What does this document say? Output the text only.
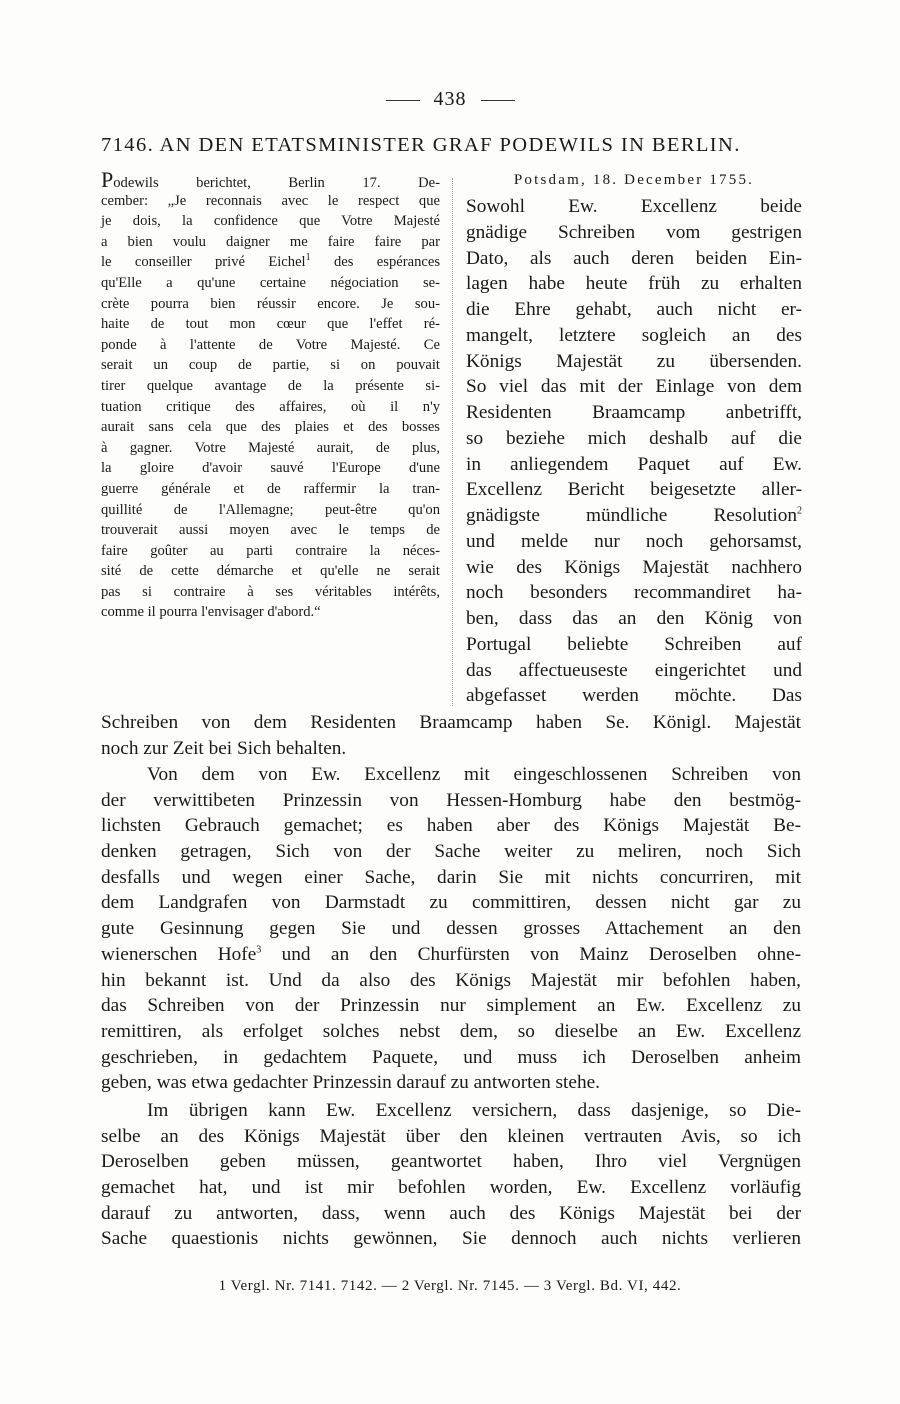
438
7146. AN DEN ETATSMINISTER GRAF PODEWILS IN BERLIN.
Podewils berichtet, Berlin 17. De-
cember: „Je reconnais avec le respect que
je dois, la confidence que Votre Majesté
a bien voulu daigner me faire faire par
le conseiller privé Eichel$^1$ des espérances
qu'Elle a qu'une certaine négociation se-
crète pourra bien réussir encore. Je sou-
haite de tout mon cœur que l'effet ré-
ponde à l'attente de Votre Majesté. Ce
serait un coup de partie, si on pouvait
tirer quelque avantage de la présente si-
tuation critique des affaires, où il n'y
aurait sans cela que des plaies et des bosses
à gagner. Votre Majesté aurait, de plus,
la gloire d'avoir sauvé l'Europe d'une
guerre générale et de raffermir la tran-
quillité de l'Allemagne; peut-être qu'on
trouverait aussi moyen avec le temps de
faire goûter au parti contraire la néces-
sité de cette démarche et qu'elle ne serait
pas si contraire à ses véritables intérêts,
comme il pourra l'envisager d'abord.“
Potsdam, 18. December 1755.
Sowohl Ew. Excellenz beide
gnädige Schreiben vom gestrigen
Dato, als auch deren beiden Ein-
lagen habe heute früh zu erhalten
die Ehre gehabt, auch nicht er-
mangelt, letztere sogleich an des
Königs Majestät zu übersenden.
So viel das mit der Einlage von dem
Residenten Braamcamp anbetrifft,
so beziehe mich deshalb auf die
in anliegendem Paquet auf Ew.
Excellenz Bericht beigesetzte aller-
gnädigste mündliche Resolution$^2$
und melde nur noch gehorsamst,
wie des Königs Majestät nachhero
noch besonders recommandiret ha-
ben, dass das an den König von
Portugal beliebte Schreiben auf
das affectueuseste eingerichtet und
abgefasset werden möchte. Das
Schreiben von dem Residenten Braamcamp haben Se. Königl. Majestät
noch zur Zeit bei Sich behalten.
Von dem von Ew. Excellenz mit eingeschlossenen Schreiben von
der verwittibeten Prinzessin von Hessen-Homburg habe den bestmög-
lichsten Gebrauch gemachet; es haben aber des Königs Majestät Be-
denken getragen, Sich von der Sache weiter zu meliren, noch Sich
desfalls und wegen einer Sache, darin Sie mit nichts concurriren, mit
dem Landgrafen von Darmstadt zu committiren, dessen nicht gar zu
gute Gesinnung gegen Sie und dessen grosses Attachement an den
wienerschen Hofe$^3$ und an den Churfürsten von Mainz Deroselben ohne-
hin bekannt ist. Und da also des Königs Majestät mir befohlen haben,
das Schreiben von der Prinzessin nur simplement an Ew. Excellenz zu
remittiren, als erfolget solches nebst dem, so dieselbe an Ew. Excellenz
geschrieben, in gedachtem Paquete, und muss ich Deroselben anheim
geben, was etwa gedachter Prinzessin darauf zu antworten stehe.
Im übrigen kann Ew. Excellenz versichern, dass dasjenige, so Die-
selbe an des Königs Majestät über den kleinen vertrauten Avis, so ich
Deroselben geben müssen, geantwortet haben, Ihro viel Vergnügen
gemachet hat, und ist mir befohlen worden, Ew. Excellenz vorläufig
darauf zu antworten, dass, wenn auch des Königs Majestät bei der
Sache quaestionis nichts gewönnen, Sie dennoch auch nichts verlieren
1 Vergl. Nr. 7141. 7142. — 2 Vergl. Nr. 7145. — 3 Vergl. Bd. VI, 442.
